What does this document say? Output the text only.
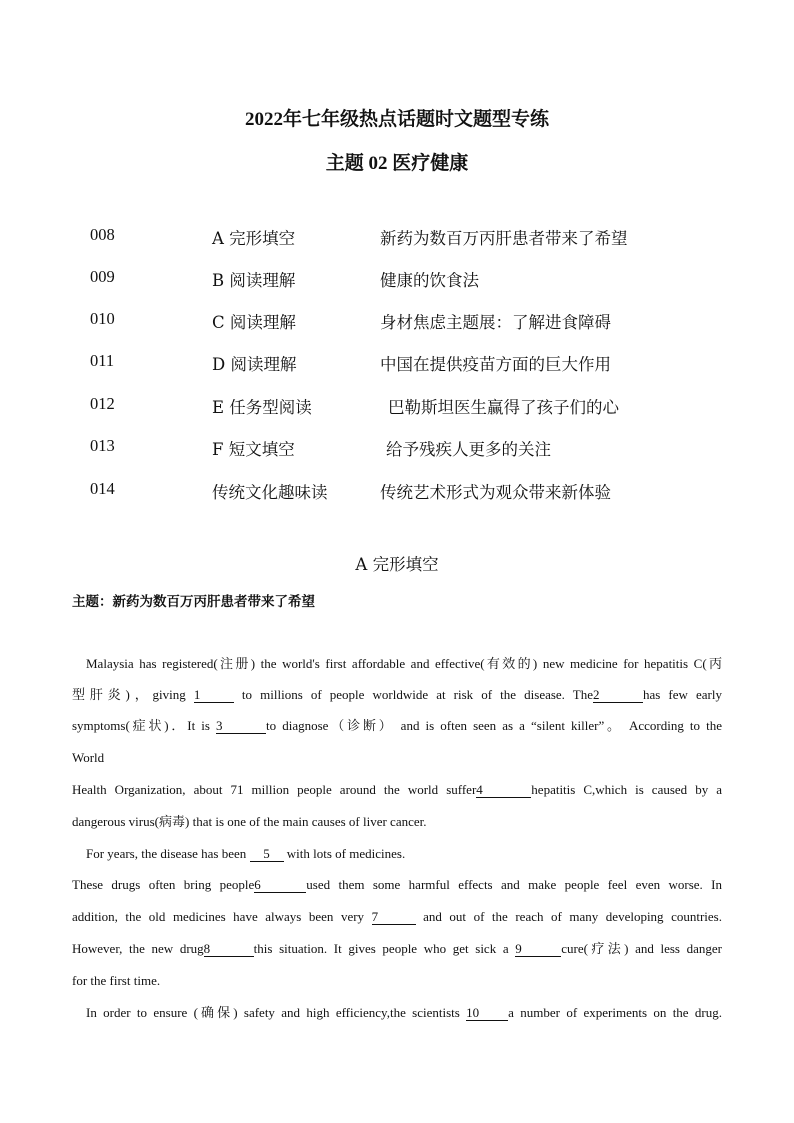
2022年七年级热点话题时文题型专练
主题 02 医疗健康
008	A 完形填空	新药为数百万丙肝患者带来了希望
009	B 阅读理解	健康的饮食法
010	C 阅读理解	身材焦虑主题展：了解进食障碍
011	D 阅读理解	中国在提供疫苗方面的巨大作用
012	E 任务型阅读	巴勒斯坦医生赢得了孩子们的心
013	F 短文填空	给予残疾人更多的关注
014	传统文化趣味读	传统艺术形式为观众带来新体验
A 完形填空
主题：新药为数百万丙肝患者带来了希望
Malaysia has registered(注册) the world's first affordable and effective(有效的) new medicine for hepatitis C(丙
型肝炎)，giving 1	to millions of people worldwide at risk of the disease. The2	has few early
symptoms(症状)．It is 3	to diagnose（诊断） and is often seen as a “silent killer”。 According to the
World
Health Organization, about 71 million people around the world suffer4	hepatitis C,which is caused by a
dangerous virus(病毒) that is one of the main causes of liver cancer.
For years, the disease has been 5 with lots of medicines.
These drugs often bring people6	used them some harmful effects and make people feel even worse. In
addition, the old medicines have always been very 7	and out of the reach of many developing countries.
However, the new drug8	this situation. It gives people who get sick a 9	cure(疗法) and less danger
for the first time.
In order to ensure (确保) safety and high efficiency,the scientists 10 a number of experiments on the drug.
